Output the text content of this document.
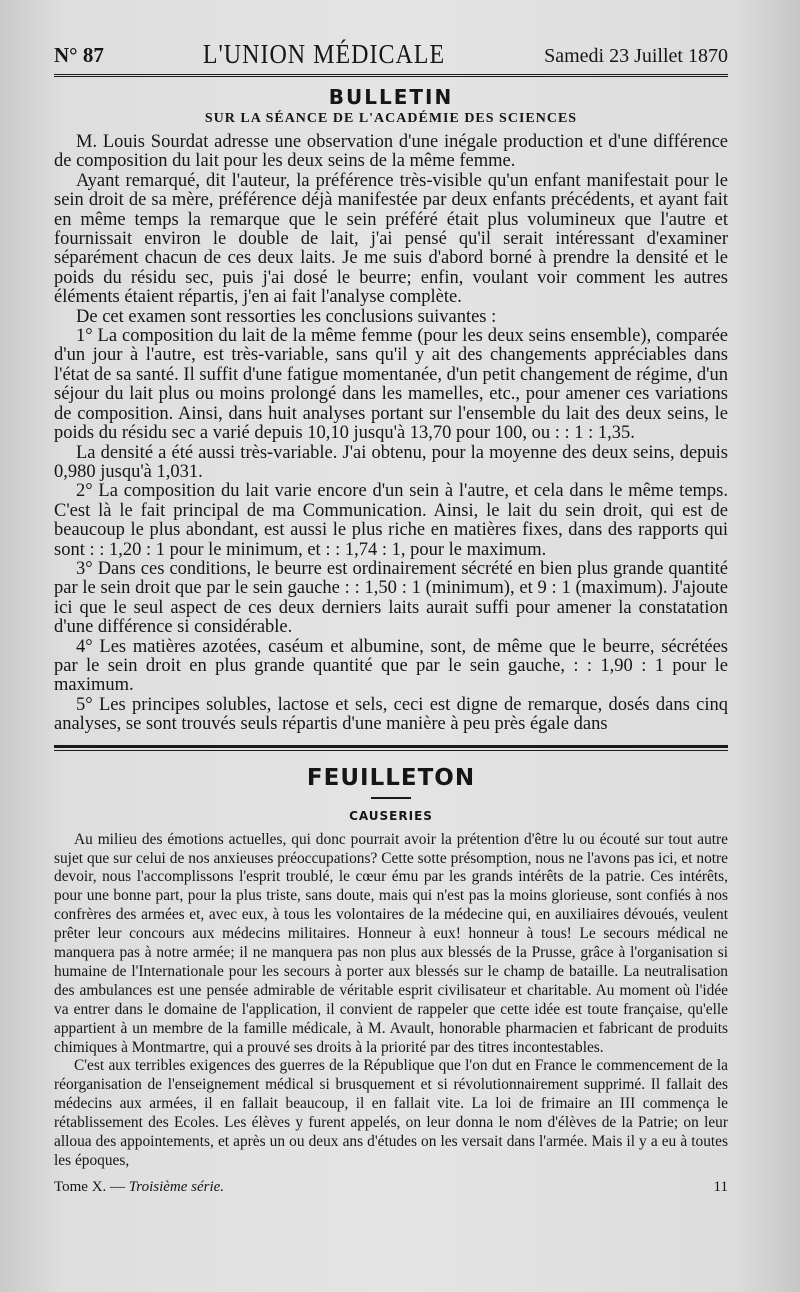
N° 87	L'UNION MÉDICALE	Samedi 23 Juillet 1870
BULLETIN
SUR LA SÉANCE DE L'ACADÉMIE DES SCIENCES

M. Louis Sourdat adresse une observation d'une inégale production et d'une différence de composition du lait pour les deux seins de la même femme.

Ayant remarqué, dit l'auteur, la préférence très-visible qu'un enfant manifestait pour le sein droit de sa mère, préférence déjà manifestée par deux enfants précédents, et ayant fait en même temps la remarque que le sein préféré était plus volumineux que l'autre et fournissait environ le double de lait, j'ai pensé qu'il serait intéressant d'examiner séparément chacun de ces deux laits. Je me suis d'abord borné à prendre la densité et le poids du résidu sec, puis j'ai dosé le beurre; enfin, voulant voir comment les autres éléments étaient répartis, j'en ai fait l'analyse complète.

De cet examen sont ressorties les conclusions suivantes :

1° La composition du lait de la même femme (pour les deux seins ensemble), comparée d'un jour à l'autre, est très-variable, sans qu'il y ait des changements appréciables dans l'état de sa santé. Il suffit d'une fatigue momentanée, d'un petit changement de régime, d'un séjour du lait plus ou moins prolongé dans les mamelles, etc., pour amener ces variations de composition. Ainsi, dans huit analyses portant sur l'ensemble du lait des deux seins, le poids du résidu sec a varié depuis 10,10 jusqu'à 13,70 pour 100, ou : : 1 : 1,35.

La densité a été aussi très-variable. J'ai obtenu, pour la moyenne des deux seins, depuis 0,980 jusqu'à 1,031.

2° La composition du lait varie encore d'un sein à l'autre, et cela dans le même temps. C'est là le fait principal de ma Communication. Ainsi, le lait du sein droit, qui est de beaucoup le plus abondant, est aussi le plus riche en matières fixes, dans des rapports qui sont : : 1,20 : 1 pour le minimum, et : : 1,74 : 1, pour le maximum.

3° Dans ces conditions, le beurre est ordinairement sécrété en bien plus grande quantité par le sein droit que par le sein gauche : : 1,50 : 1 (minimum), et 9 : 1 (maximum). J'ajoute ici que le seul aspect de ces deux derniers laits aurait suffi pour amener la constatation d'une différence si considérable.

4° Les matières azotées, caséum et albumine, sont, de même que le beurre, sécrétées par le sein droit en plus grande quantité que par le sein gauche, : : 1,90 : 1 pour le maximum.

5° Les principes solubles, lactose et sels, ceci est digne de remarque, dosés dans cinq analyses, se sont trouvés seuls répartis d'une manière à peu près égale dans

FEUILLETON
CAUSERIES

Au milieu des émotions actuelles, qui donc pourrait avoir la prétention d'être lu ou écouté sur tout autre sujet que sur celui de nos anxieuses préoccupations? Cette sotte présomption, nous ne l'avons pas ici, et notre devoir, nous l'accomplissons l'esprit troublé, le cœur ému par les grands intérêts de la patrie. Ces intérêts, pour une bonne part, pour la plus triste, sans doute, mais qui n'est pas la moins glorieuse, sont confiés à nos confrères des armées et, avec eux, à tous les volontaires de la médecine qui, en auxiliaires dévoués, veulent prêter leur concours aux médecins militaires. Honneur à eux! honneur à tous! Le secours médical ne manquera pas à notre armée; il ne manquera pas non plus aux blessés de la Prusse, grâce à l'organisation si humaine de l'Internationale pour les secours à porter aux blessés sur le champ de bataille. La neutralisation des ambulances est une pensée admirable de véritable esprit civilisateur et charitable. Au moment où l'idée va entrer dans le domaine de l'application, il convient de rappeler que cette idée est toute française, qu'elle appartient à un membre de la famille médicale, à M. Avault, honorable pharmacien et fabricant de produits chimiques à Montmartre, qui a prouvé ses droits à la priorité par des titres incontestables.

C'est aux terribles exigences des guerres de la République que l'on dut en France le commencement de la réorganisation de l'enseignement médical si brusquement et si révolutionnairement supprimé. Il fallait des médecins aux armées, il en fallait beaucoup, il en fallait vite. La loi de frimaire an III commença le rétablissement des Ecoles. Les élèves y furent appelés, on leur donna le nom d'élèves de la Patrie; on leur alloua des appointements, et après un ou deux ans d'études on les versait dans l'armée. Mais il y a eu à toutes les époques,

Tome X. — Troisième série.	11
